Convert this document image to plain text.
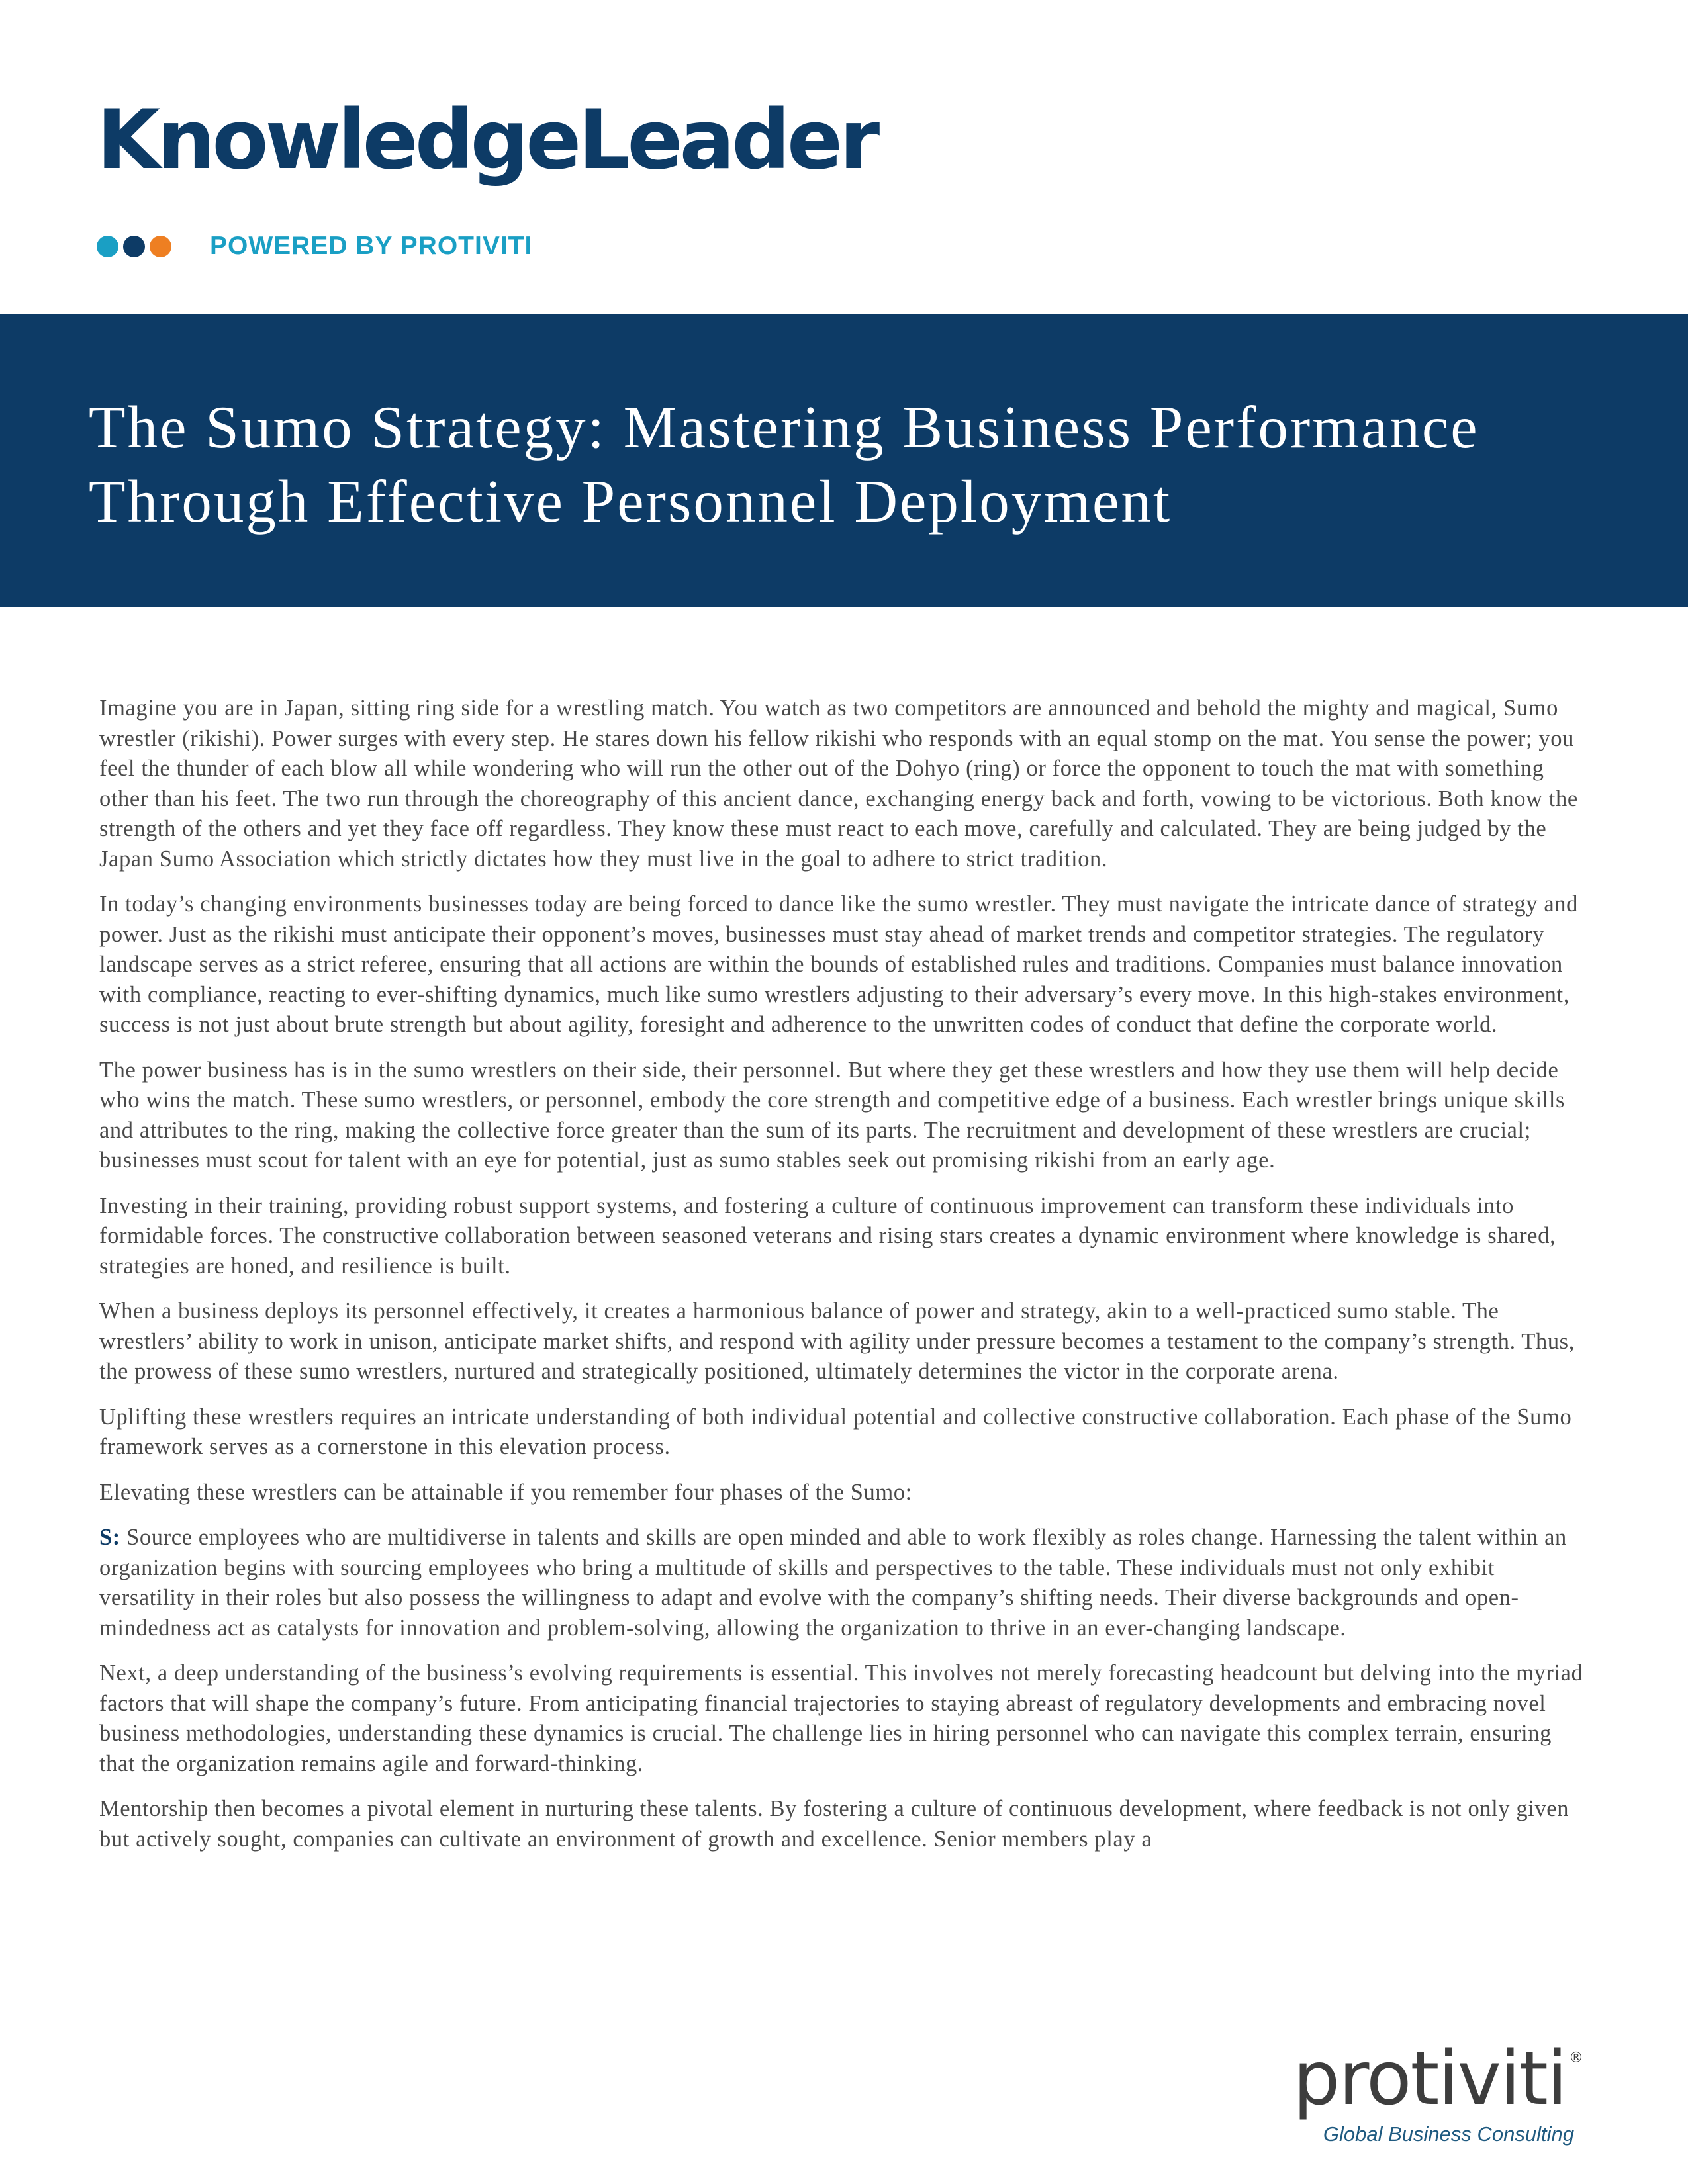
KnowledgeLeader
POWERED BY PROTIVITI
The Sumo Strategy: Mastering Business Performance Through Effective Personnel Deployment

Imagine you are in Japan, sitting ring side for a wrestling match. You watch as two competitors are announced and behold the mighty and magical, Sumo wrestler (rikishi). Power surges with every step. He stares down his fellow rikishi who responds with an equal stomp on the mat. You sense the power; you feel the thunder of each blow all while wondering who will run the other out of the Dohyo (ring) or force the opponent to touch the mat with something other than his feet. The two run through the choreography of this ancient dance, exchanging energy back and forth, vowing to be victorious. Both know the strength of the others and yet they face off regardless. They know these must react to each move, carefully and calculated. They are being judged by the Japan Sumo Association which strictly dictates how they must live in the goal to adhere to strict tradition.

In today’s changing environments businesses today are being forced to dance like the sumo wrestler. They must navigate the intricate dance of strategy and power. Just as the rikishi must anticipate their opponent’s moves, businesses must stay ahead of market trends and competitor strategies. The regulatory landscape serves as a strict referee, ensuring that all actions are within the bounds of established rules and traditions. Companies must balance innovation with compliance, reacting to ever-shifting dynamics, much like sumo wrestlers adjusting to their adversary’s every move. In this high-stakes environment, success is not just about brute strength but about agility, foresight and adherence to the unwritten codes of conduct that define the corporate world.

The power business has is in the sumo wrestlers on their side, their personnel. But where they get these wrestlers and how they use them will help decide who wins the match. These sumo wrestlers, or personnel, embody the core strength and competitive edge of a business. Each wrestler brings unique skills and attributes to the ring, making the collective force greater than the sum of its parts. The recruitment and development of these wrestlers are crucial; businesses must scout for talent with an eye for potential, just as sumo stables seek out promising rikishi from an early age.

Investing in their training, providing robust support systems, and fostering a culture of continuous improvement can transform these individuals into formidable forces. The constructive collaboration between seasoned veterans and rising stars creates a dynamic environment where knowledge is shared, strategies are honed, and resilience is built.

When a business deploys its personnel effectively, it creates a harmonious balance of power and strategy, akin to a well-practiced sumo stable. The wrestlers’ ability to work in unison, anticipate market shifts, and respond with agility under pressure becomes a testament to the company’s strength. Thus, the prowess of these sumo wrestlers, nurtured and strategically positioned, ultimately determines the victor in the corporate arena.

Uplifting these wrestlers requires an intricate understanding of both individual potential and collective constructive collaboration. Each phase of the Sumo framework serves as a cornerstone in this elevation process.

Elevating these wrestlers can be attainable if you remember four phases of the Sumo:

S: Source employees who are multidiverse in talents and skills are open minded and able to work flexibly as roles change. Harnessing the talent within an organization begins with sourcing employees who bring a multitude of skills and perspectives to the table. These individuals must not only exhibit versatility in their roles but also possess the willingness to adapt and evolve with the company’s shifting needs. Their diverse backgrounds and open-mindedness act as catalysts for innovation and problem-solving, allowing the organization to thrive in an ever-changing landscape.

Next, a deep understanding of the business’s evolving requirements is essential. This involves not merely forecasting headcount but delving into the myriad factors that will shape the company’s future. From anticipating financial trajectories to staying abreast of regulatory developments and embracing novel business methodologies, understanding these dynamics is crucial. The challenge lies in hiring personnel who can navigate this complex terrain, ensuring that the organization remains agile and forward-thinking.

Mentorship then becomes a pivotal element in nurturing these talents. By fostering a culture of continuous development, where feedback is not only given but actively sought, companies can cultivate an environment of growth and excellence. Senior members play a

protiviti ®
Global Business Consulting
